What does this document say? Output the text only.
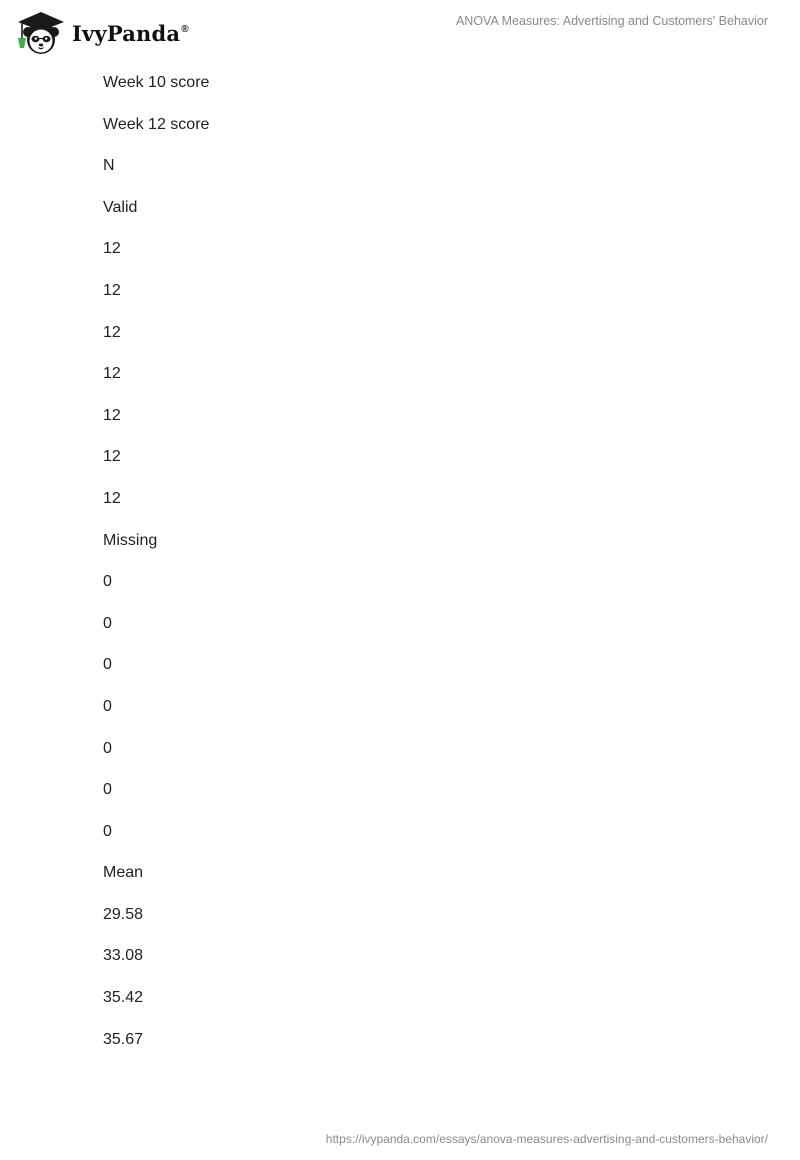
IvyPanda®
ANOVA Measures: Advertising and Customers' Behavior
Week 10 score
Week 12 score
N
Valid
12
12
12
12
12
12
12
Missing
0
0
0
0
0
0
0
Mean
29.58
33.08
35.42
35.67
https://ivypanda.com/essays/anova-measures-advertising-and-customers-behavior/
